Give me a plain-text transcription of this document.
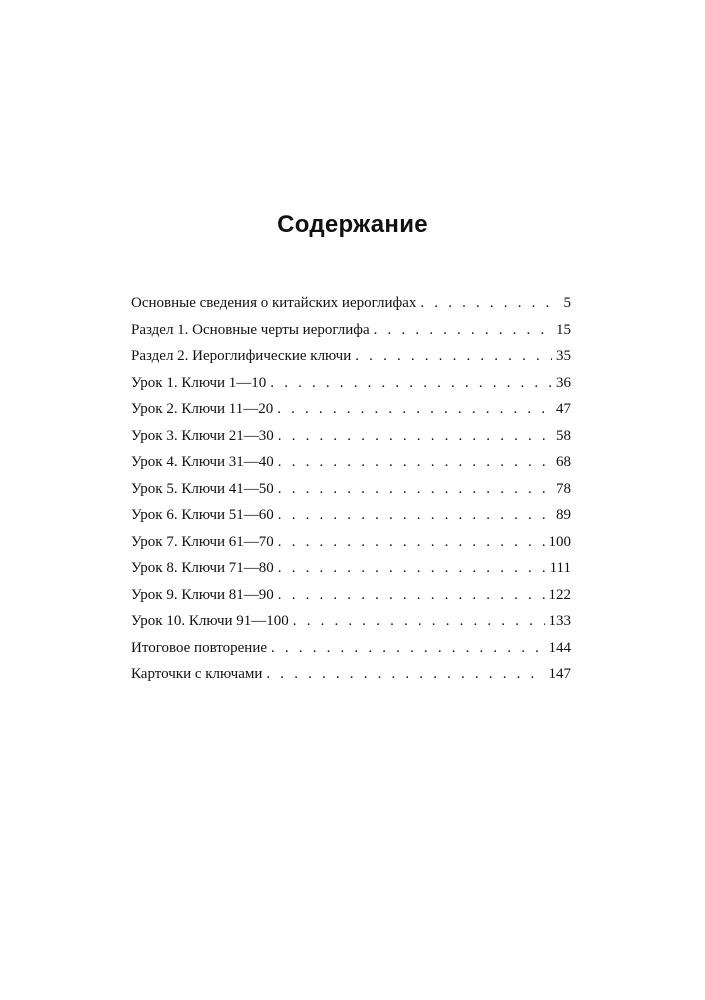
Содержание
Основные сведения о китайских иероглифах . . .	5
Раздел 1. Основные черты иероглифа . . .	15
Раздел 2. Иероглифические ключи . . .	35
Урок 1. Ключи 1—10 . . .	36
Урок 2. Ключи 11—20 . . .	47
Урок 3. Ключи 21—30 . . .	58
Урок 4. Ключи 31—40 . . .	68
Урок 5. Ключи 41—50 . . .	78
Урок 6. Ключи 51—60 . . .	89
Урок 7. Ключи 61—70 . . .	100
Урок 8. Ключи 71—80 . . .	111
Урок 9. Ключи 81—90 . . .	122
Урок 10. Ключи 91—100 . . .	133
Итоговое повторение . . .	144
Карточки с ключами . . .	147
